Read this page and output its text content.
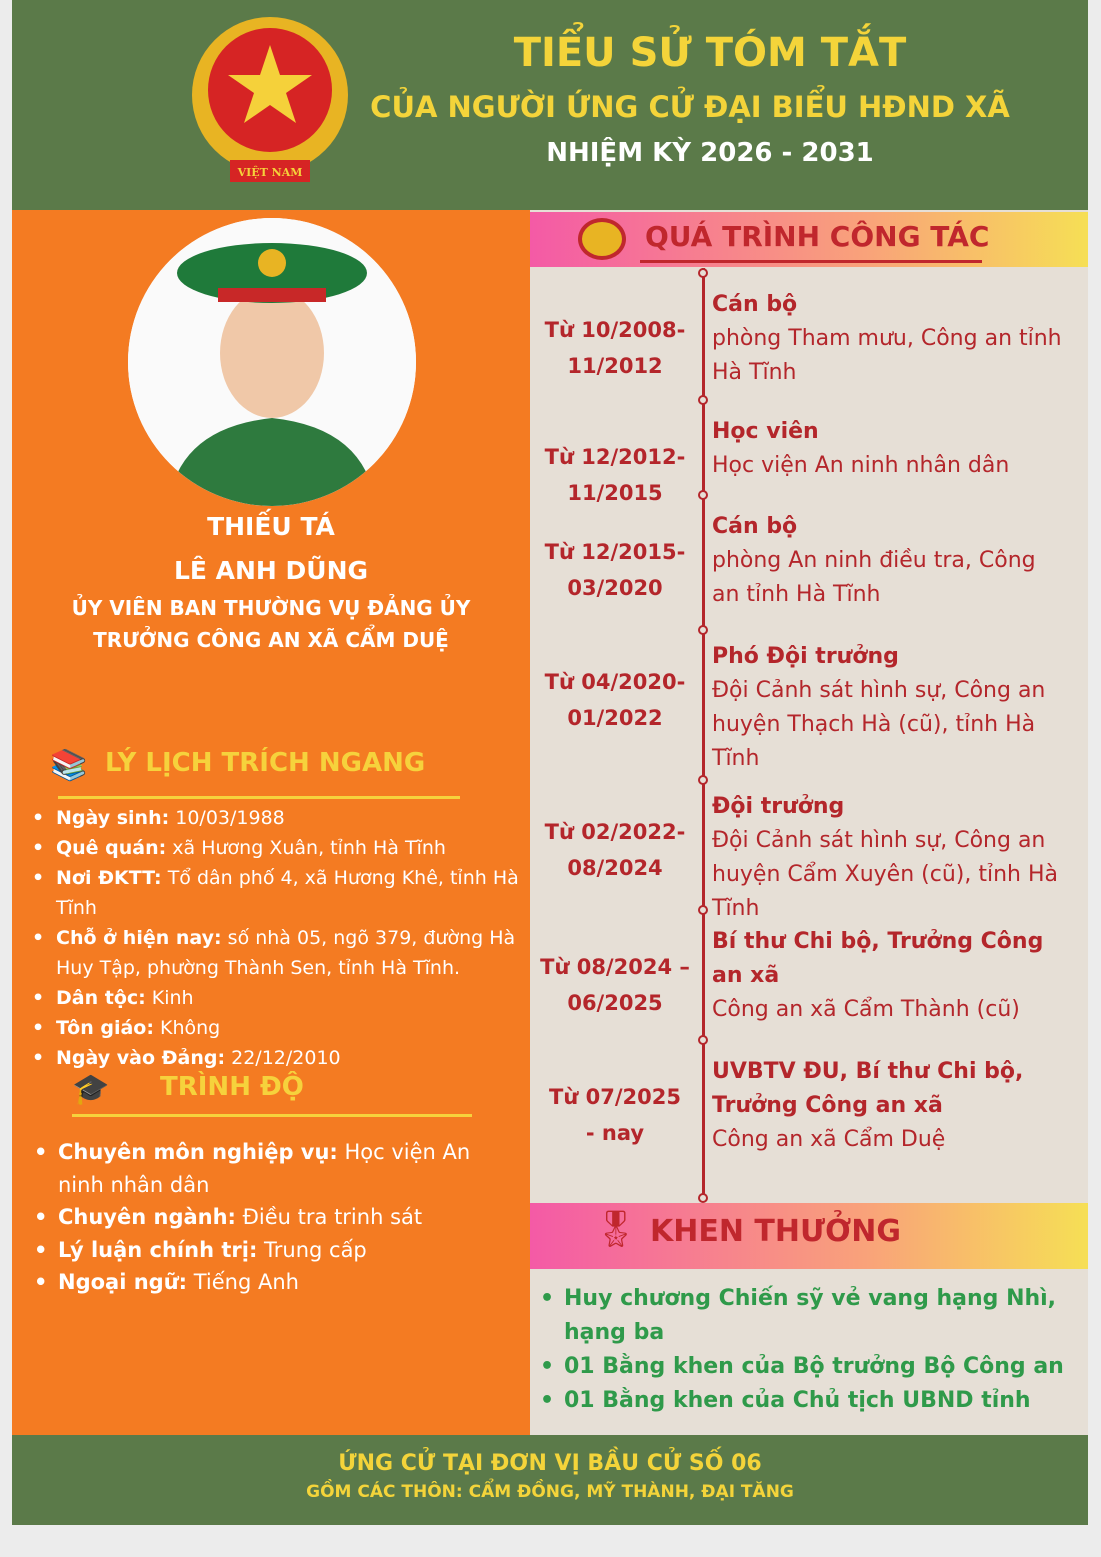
VIỆT NAM
TIỂU SỬ TÓM TẮT
CỦA NGƯỜI ỨNG CỬ ĐẠI BIỂU HĐND XÃ
NHIỆM KỲ 2026 - 2031
THIẾU TÁ
LÊ ANH DŨNG
ỦY VIÊN BAN THƯỜNG VỤ ĐẢNG ỦY
TRƯỞNG CÔNG AN XÃ CẨM DUỆ
📚 LÝ LỊCH TRÍCH NGANG
• Ngày sinh: 10/03/1988
• Quê quán: xã Hương Xuân, tỉnh Hà Tĩnh
• Nơi ĐKTT: Tổ dân phố 4, xã Hương Khê, tỉnh Hà Tĩnh
• Chỗ ở hiện nay: số nhà 05, ngõ 379, đường Hà Huy Tập, phường Thành Sen, tỉnh Hà Tĩnh.
• Dân tộc: Kinh
• Tôn giáo: Không
• Ngày vào Đảng: 22/12/2010
🎓 TRÌNH ĐỘ
• Chuyên môn nghiệp vụ: Học viện An ninh nhân dân
• Chuyên ngành: Điều tra trinh sát
• Lý luận chính trị: Trung cấp
• Ngoại ngữ: Tiếng Anh
QUÁ TRÌNH CÔNG TÁC
Từ 10/2008-
11/2012
Cán bộ
phòng Tham mưu, Công an tỉnh Hà Tĩnh
Từ 12/2012-
11/2015
Học viên
Học viện An ninh nhân dân
Từ 12/2015-
03/2020
Cán bộ
phòng An ninh điều tra, Công an tỉnh Hà Tĩnh
Từ 04/2020-
01/2022
Phó Đội trưởng
Đội Cảnh sát hình sự, Công an huyện Thạch Hà (cũ), tỉnh Hà Tĩnh
Từ 02/2022-
08/2024
Đội trưởng
Đội Cảnh sát hình sự, Công an huyện Cẩm Xuyên (cũ), tỉnh Hà Tĩnh
Từ 08/2024 –
06/2025
Bí thư Chi bộ, Trưởng Công an xã
Công an xã Cẩm Thành (cũ)
Từ 07/2025
- nay
UVBTV ĐU, Bí thư Chi bộ, Trưởng Công an xã
Công an xã Cẩm Duệ
🎖 KHEN THƯỞNG
• Huy chương Chiến sỹ vẻ vang hạng Nhì, hạng ba
• 01 Bằng khen của Bộ trưởng Bộ Công an
• 01 Bằng khen của Chủ tịch UBND tỉnh
ỨNG CỬ TẠI ĐƠN VỊ BẦU CỬ SỐ 06
GỒM CÁC THÔN: CẨM ĐỒNG, MỸ THÀNH, ĐẠI TĂNG
